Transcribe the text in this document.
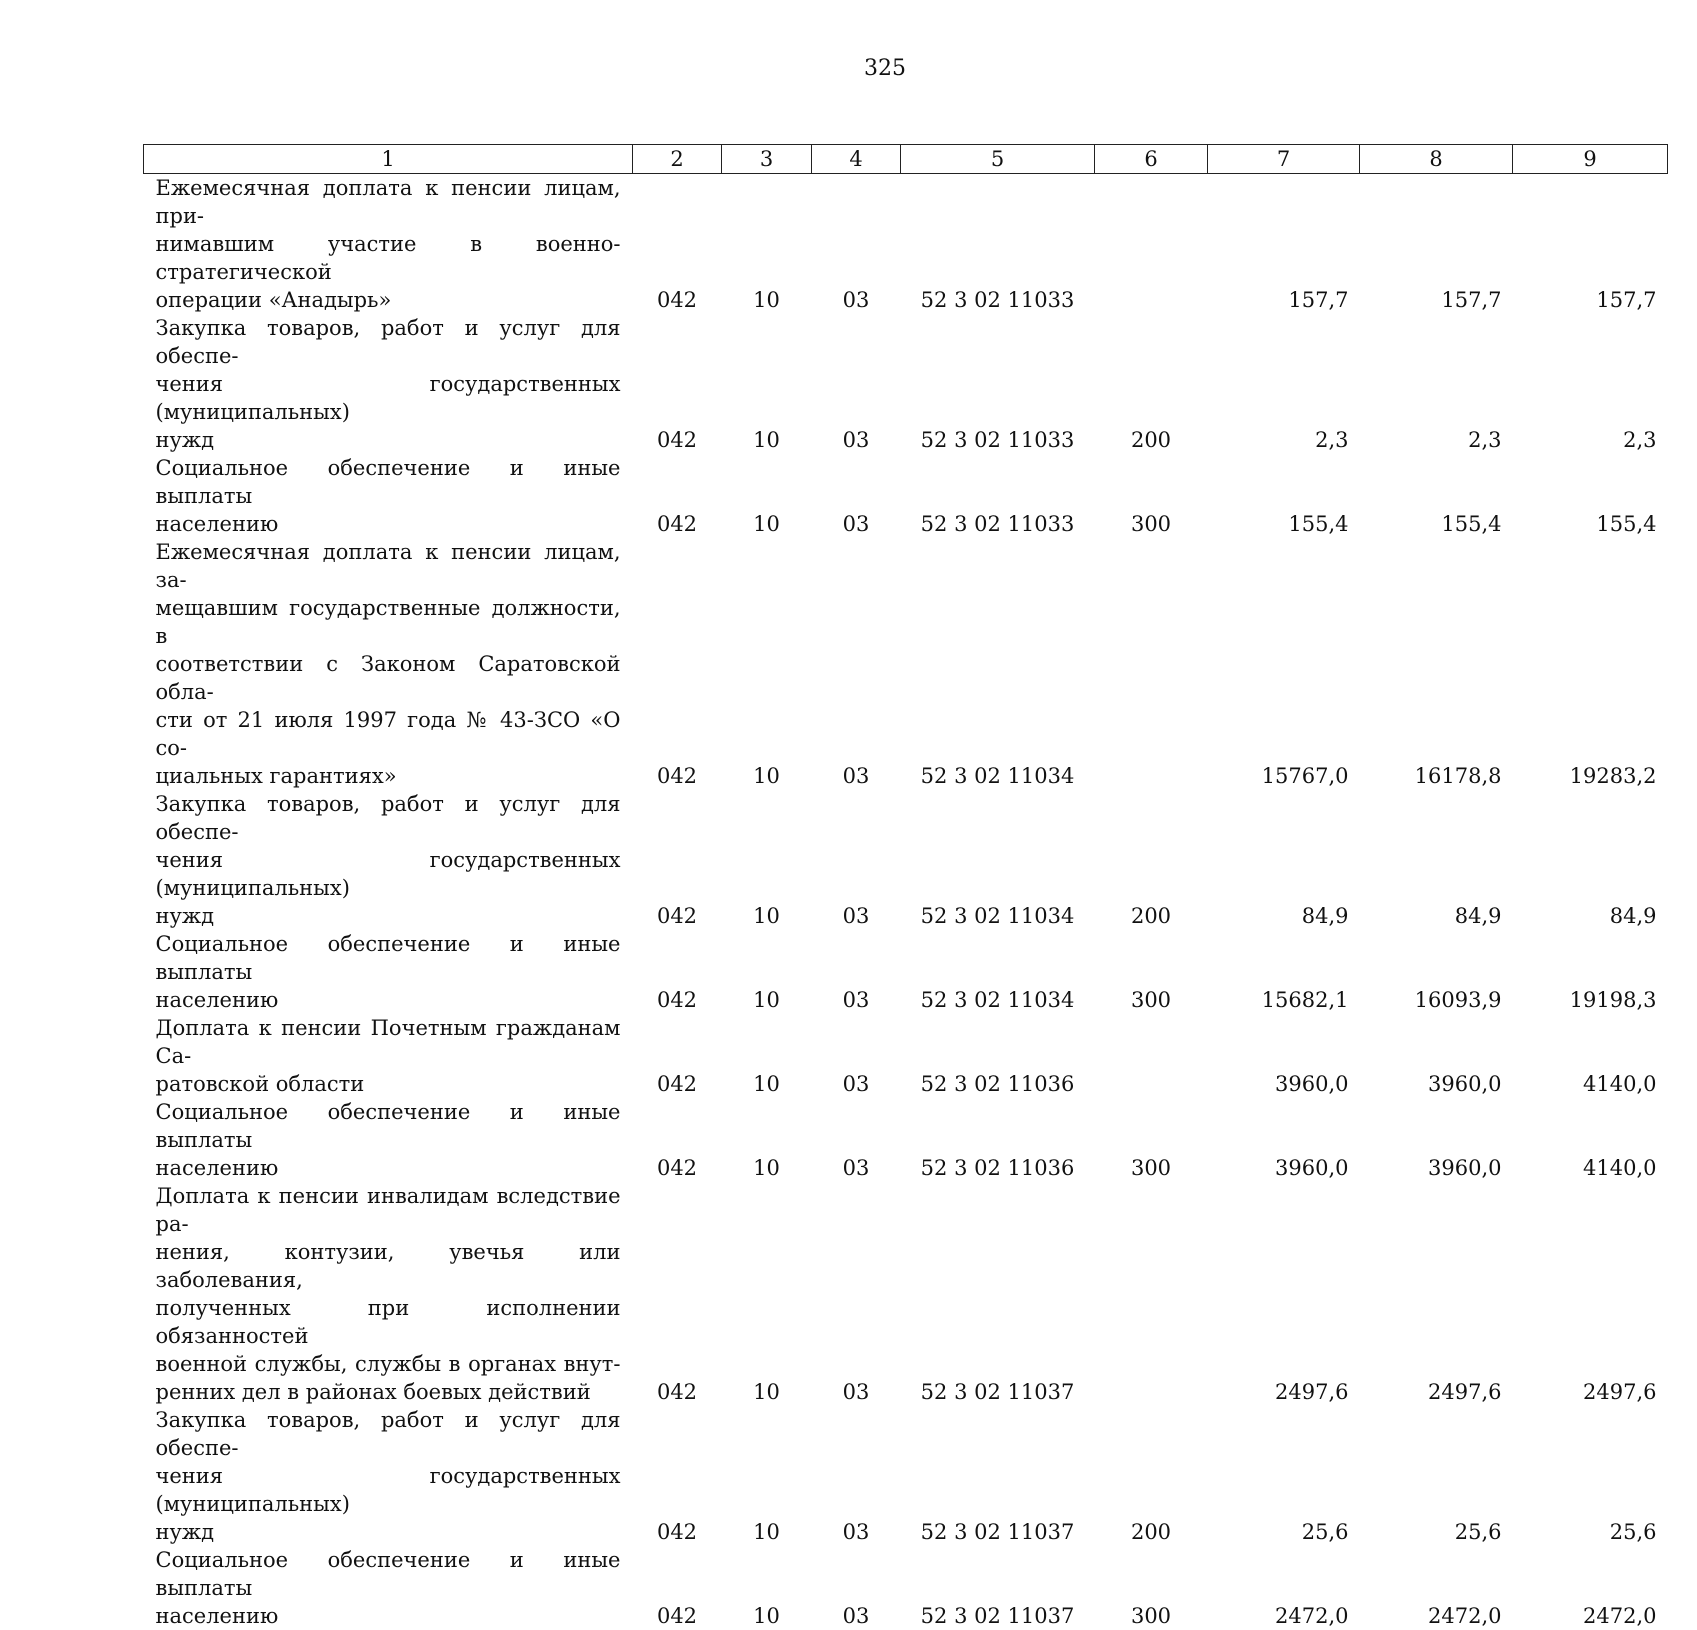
325
1	2	3	4	5	6	7	8	9

Ежемесячная доплата к пенсии лицам, при-
нимавшим участие в военно-стратегической
операции «Анадырь»	042	10	03	52 3 02 11033		157,7	157,7	157,7

Закупка товаров, работ и услуг для обеспе-
чения государственных (муниципальных)
нужд	042	10	03	52 3 02 11033	200	2,3	2,3	2,3

Социальное обеспечение и иные выплаты
населению	042	10	03	52 3 02 11033	300	155,4	155,4	155,4

Ежемесячная доплата к пенсии лицам, за-
мещавшим государственные должности, в
соответствии с Законом Саратовской обла-
сти от 21 июля 1997 года № 43-ЗСО «О со-
циальных гарантиях»	042	10	03	52 3 02 11034		15767,0	16178,8	19283,2

Закупка товаров, работ и услуг для обеспе-
чения государственных (муниципальных)
нужд	042	10	03	52 3 02 11034	200	84,9	84,9	84,9

Социальное обеспечение и иные выплаты
населению	042	10	03	52 3 02 11034	300	15682,1	16093,9	19198,3

Доплата к пенсии Почетным гражданам Са-
ратовской области	042	10	03	52 3 02 11036		3960,0	3960,0	4140,0

Социальное обеспечение и иные выплаты
населению	042	10	03	52 3 02 11036	300	3960,0	3960,0	4140,0

Доплата к пенсии инвалидам вследствие ра-
нения, контузии, увечья или заболевания,
полученных при исполнении обязанностей
военной службы, службы в органах внут-
ренних дел в районах боевых действий	042	10	03	52 3 02 11037		2497,6	2497,6	2497,6

Закупка товаров, работ и услуг для обеспе-
чения государственных (муниципальных)
нужд	042	10	03	52 3 02 11037	200	25,6	25,6	25,6

Социальное обеспечение и иные выплаты
населению	042	10	03	52 3 02 11037	300	2472,0	2472,0	2472,0
